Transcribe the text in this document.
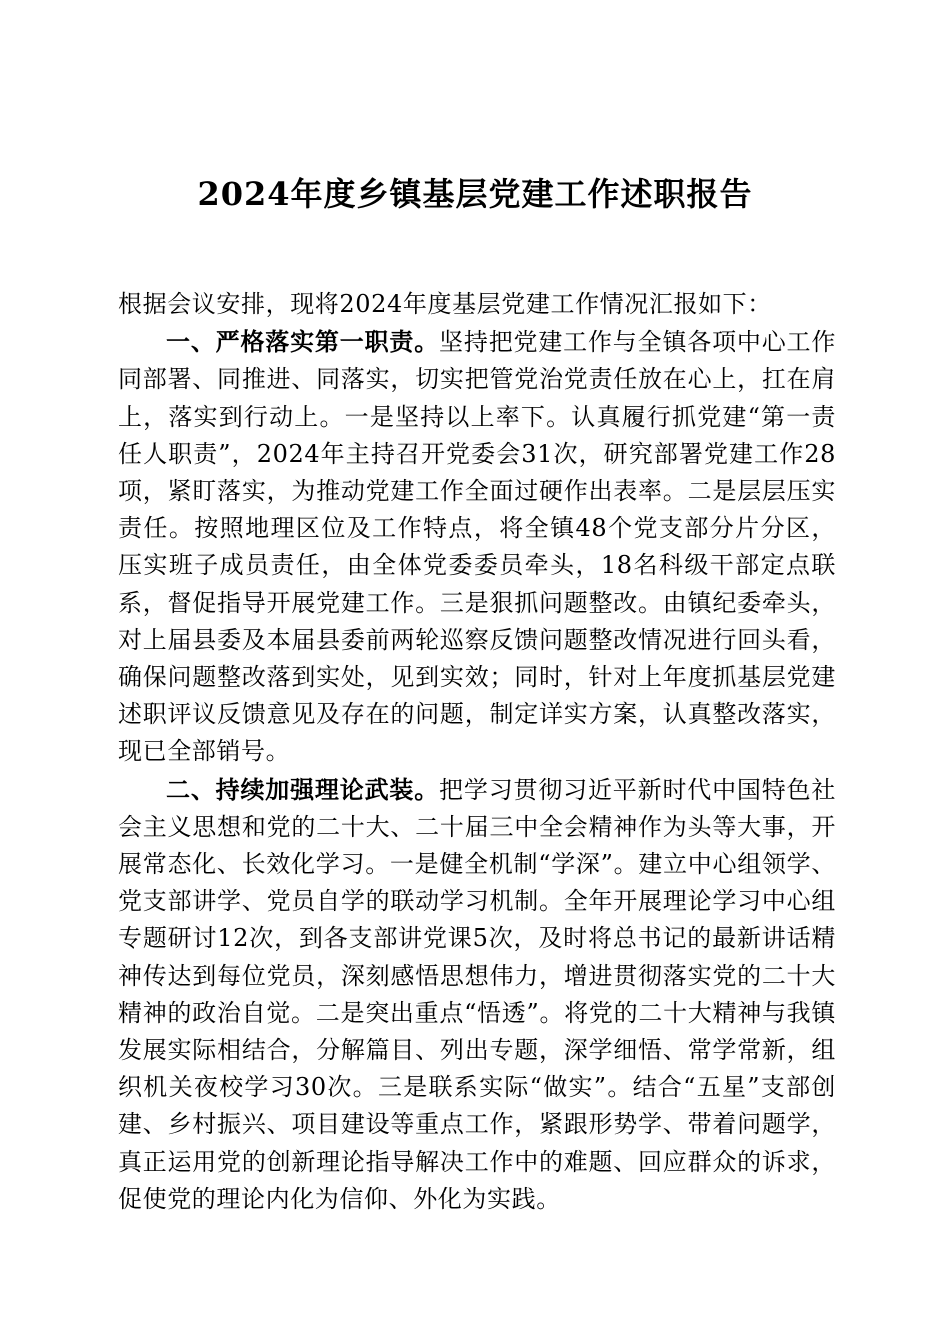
2024年度乡镇基层党建工作述职报告

根据会议安排，现将2024年度基层党建工作情况汇报如下：

一、严格落实第一职责。坚持把党建工作与全镇各项中心工作同部署、同推进、同落实，切实把管党治党责任放在心上，扛在肩上，落实到行动上。一是坚持以上率下。认真履行抓党建“第一责任人职责”，2024年主持召开党委会31次，研究部署党建工作28项，紧盯落实，为推动党建工作全面过硬作出表率。二是层层压实责任。按照地理区位及工作特点，将全镇48个党支部分片分区，压实班子成员责任，由全体党委委员牵头，18名科级干部定点联系，督促指导开展党建工作。三是狠抓问题整改。由镇纪委牵头，对上届县委及本届县委前两轮巡察反馈问题整改情况进行回头看，确保问题整改落到实处，见到实效；同时，针对上年度抓基层党建述职评议反馈意见及存在的问题，制定详实方案，认真整改落实，现已全部销号。

二、持续加强理论武装。把学习贯彻习近平新时代中国特色社会主义思想和党的二十大、二十届三中全会精神作为头等大事，开展常态化、长效化学习。一是健全机制“学深”。建立中心组领学、党支部讲学、党员自学的联动学习机制。全年开展理论学习中心组专题研讨12次，到各支部讲党课5次，及时将总书记的最新讲话精神传达到每位党员，深刻感悟思想伟力，增进贯彻落实党的二十大精神的政治自觉。二是突出重点“悟透”。将党的二十大精神与我镇发展实际相结合，分解篇目、列出专题，深学细悟、常学常新，组织机关夜校学习30次。三是联系实际“做实”。结合“五星”支部创建、乡村振兴、项目建设等重点工作，紧跟形势学、带着问题学，真正运用党的创新理论指导解决工作中的难题、回应群众的诉求，促使党的理论内化为信仰、外化为实践。
